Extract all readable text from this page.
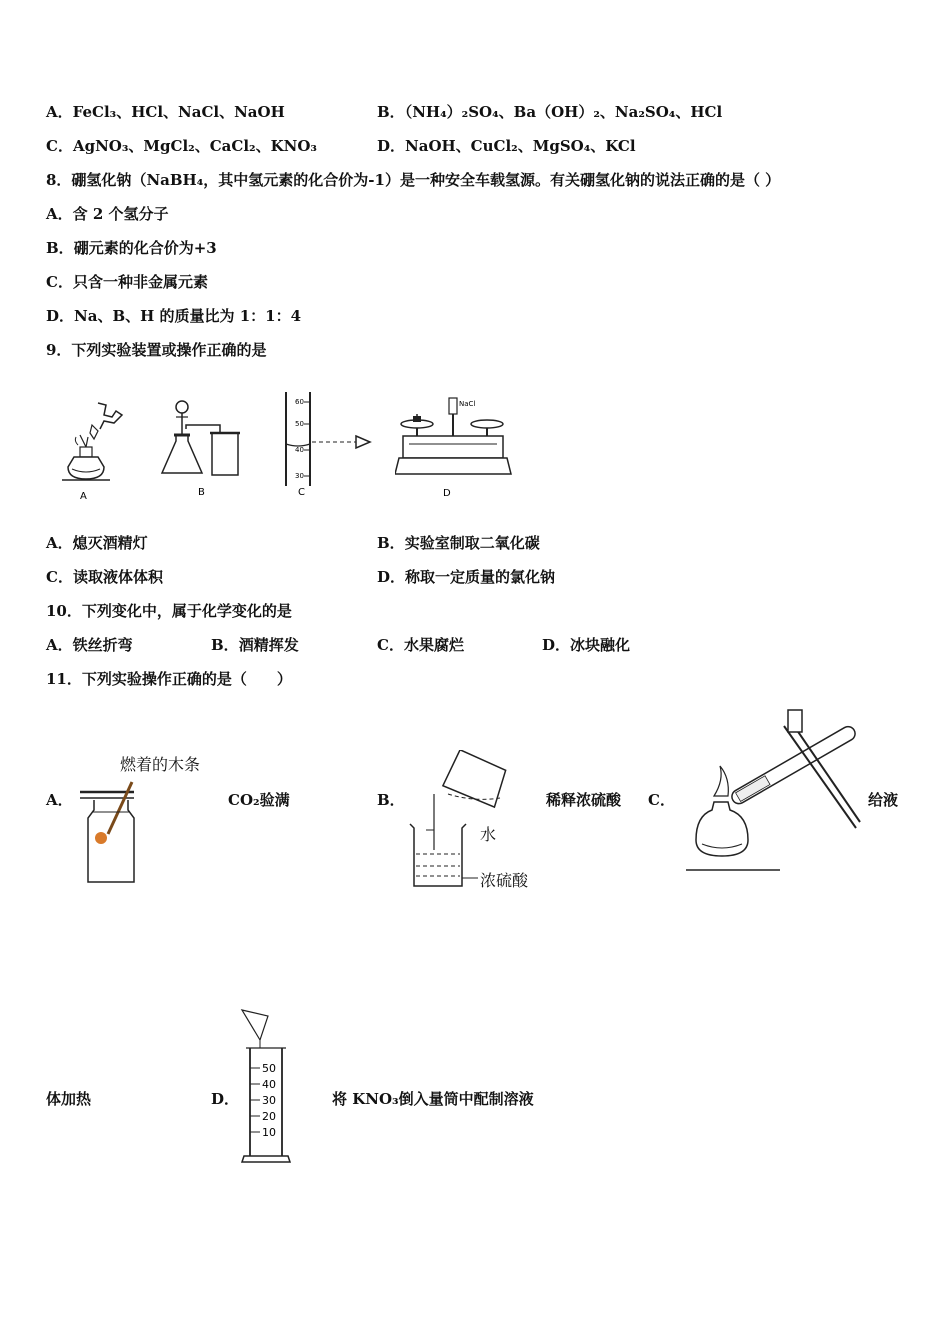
A．FeCl₃、HCl、NaCl、NaOH	B．（NH₄）₂SO₄、Ba（OH）₂、Na₂SO₄、HCl
C．AgNO₃、MgCl₂、CaCl₂、KNO₃	D．NaOH、CuCl₂、MgSO₄、KCl
8．硼氢化钠（NaBH₄，其中氢元素的化合价为-1）是一种安全车载氢源。有关硼氢化钠的说法正确的是（ ）
A．含 2 个氢分子
B．硼元素的化合价为+3
C．只含一种非金属元素
D．Na、B、H 的质量比为 1：1：4
9．下列实验装置或操作正确的是
A	B
60
50
40
30
C
NaCl
D
A．熄灭酒精灯	B．实验室制取二氧化碳
C．读取液体体积	D．称取一定质量的氯化钠
10．下列变化中，属于化学变化的是
A．铁丝折弯	B．酒精挥发	C．水果腐烂	D．冰块融化
11．下列实验操作正确的是（　　）
A．
燃着的木条
CO₂验满	B．
水
浓硫酸
稀释浓硫酸 C．	给液
体加热	D．
50
40
30
20
10
将 KNO₃倒入量筒中配制溶液
